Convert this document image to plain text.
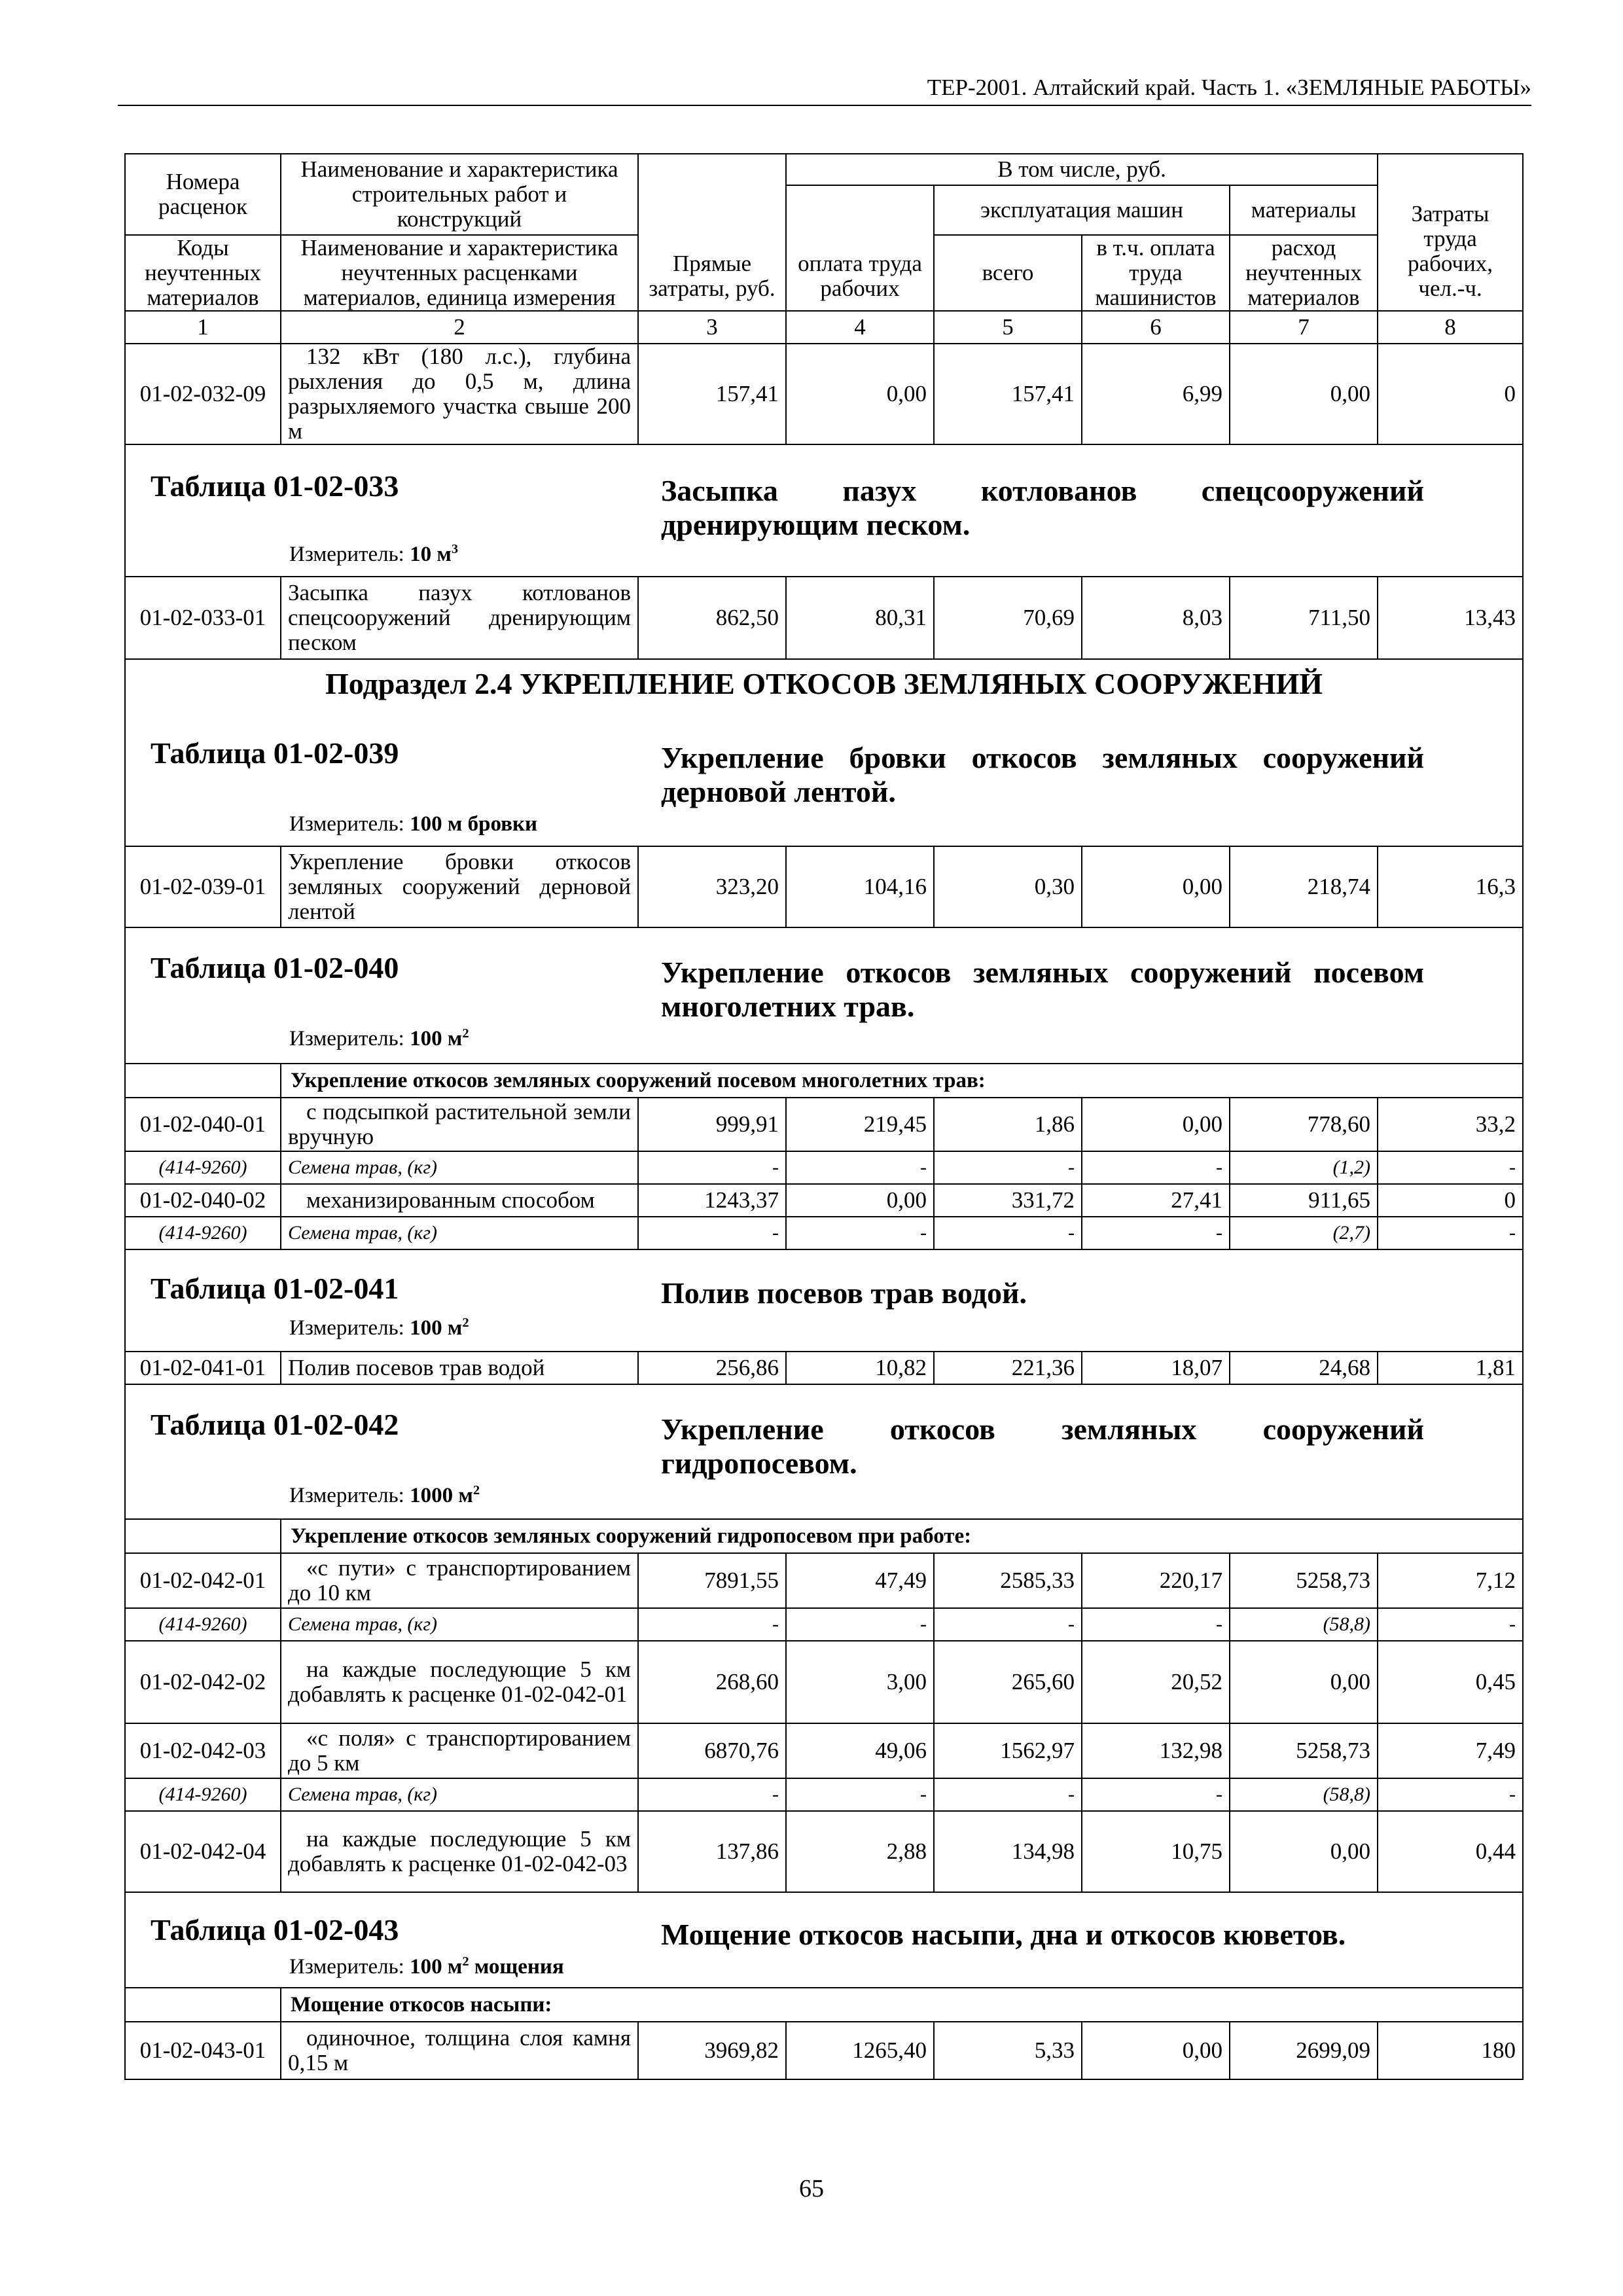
ТЕР-2001. Алтайский край. Часть 1. «ЗЕМЛЯНЫЕ РАБОТЫ»
Номера расценок	Наименование и характеристика строительных работ и конструкций	Прямые затраты, руб.	В том числе, руб.				Затраты труда рабочих, чел.-ч.
			оплата труда рабочих	эксплуатация машин		материалы	
Коды неучтенных материалов	Наименование и характеристика неучтенных расценками материалов, единица измерения			всего	в т.ч. оплата труда машинистов	расход неучтенных материалов	
1	2	3	4	5	6	7	8
01-02-032-09	132 кВт (180 л.с.), глубина рыхления до 0,5 м, длина разрыхляемого участка свыше 200 м	157,41	0,00	157,41	6,99	0,00	0

Таблица 01-02-033 Засыпка пазух котлованов спецсооружений дренирующим песком.
Измеритель: 10 $м^3$

01-02-033-01	Засыпка пазух котлованов спецсооружений дренирующим песком	862,50	80,31	70,69	8,03	711,50	13,43

Подраздел 2.4 УКРЕПЛЕНИЕ ОТКОСОВ ЗЕМЛЯНЫХ СООРУЖЕНИЙ
Таблица 01-02-039 Укрепление бровки откосов земляных сооружений дерновой лентой.
Измеритель: 100 м бровки							

01-02-039-01	Укрепление бровки откосов земляных сооружений дерновой лентой	323,20	104,16	0,30	0,00	218,74	16,3

Таблица 01-02-040 Укрепление откосов земляных сооружений посевом многолетних трав.
Измеритель: 100 $м^2$

	Укрепление откосов земляных сооружений посевом многолетних трав:						
01-02-040-01	с подсыпкой растительной земли вручную	999,91	219,45	1,86	0,00	778,60	33,2
(414-9260)	Семена трав, (кг)	-	-	-	-	(1,2)	-
01-02-040-02	механизированным способом	1243,37	0,00	331,72	27,41	911,65	0
(414-9260)	Семена трав, (кг)	-	-	-	-	(2,7)	-

Таблица 01-02-041 Полив посевов трав водой.
Измеритель: 100 $м^2$

01-02-041-01	Полив посевов трав водой	256,86	10,82	221,36	18,07	24,68	1,81

Таблица 01-02-042 Укрепление откосов земляных сооружений гидропосевом.
Измеритель: 1000 $м^2$

	Укрепление откосов земляных сооружений гидропосевом при работе:						
01-02-042-01	«с пути» с транспортированием до 10 км	7891,55	47,49	2585,33	220,17	5258,73	7,12
(414-9260)	Семена трав, (кг)	-	-	-	-	(58,8)	-
01-02-042-02	на каждые последующие 5 км добавлять к расценке 01-02-042-01	268,60	3,00	265,60	20,52	0,00	0,45
01-02-042-03	«с поля» с транспортированием до 5 км	6870,76	49,06	1562,97	132,98	5258,73	7,49
(414-9260)	Семена трав, (кг)	-	-	-	-	(58,8)	-
01-02-042-04	на каждые последующие 5 км добавлять к расценке 01-02-042-03	137,86	2,88	134,98	10,75	0,00	0,44

Таблица 01-02-043 Мощение откосов насыпи, дна и откосов кюветов.
Измеритель: 100 $м^2$ мощения							

	Мощение откосов насыпи:						
01-02-043-01	одиночное, толщина слоя камня 0,15 м	3969,82	1265,40	5,33	0,00	2699,09	180
65
